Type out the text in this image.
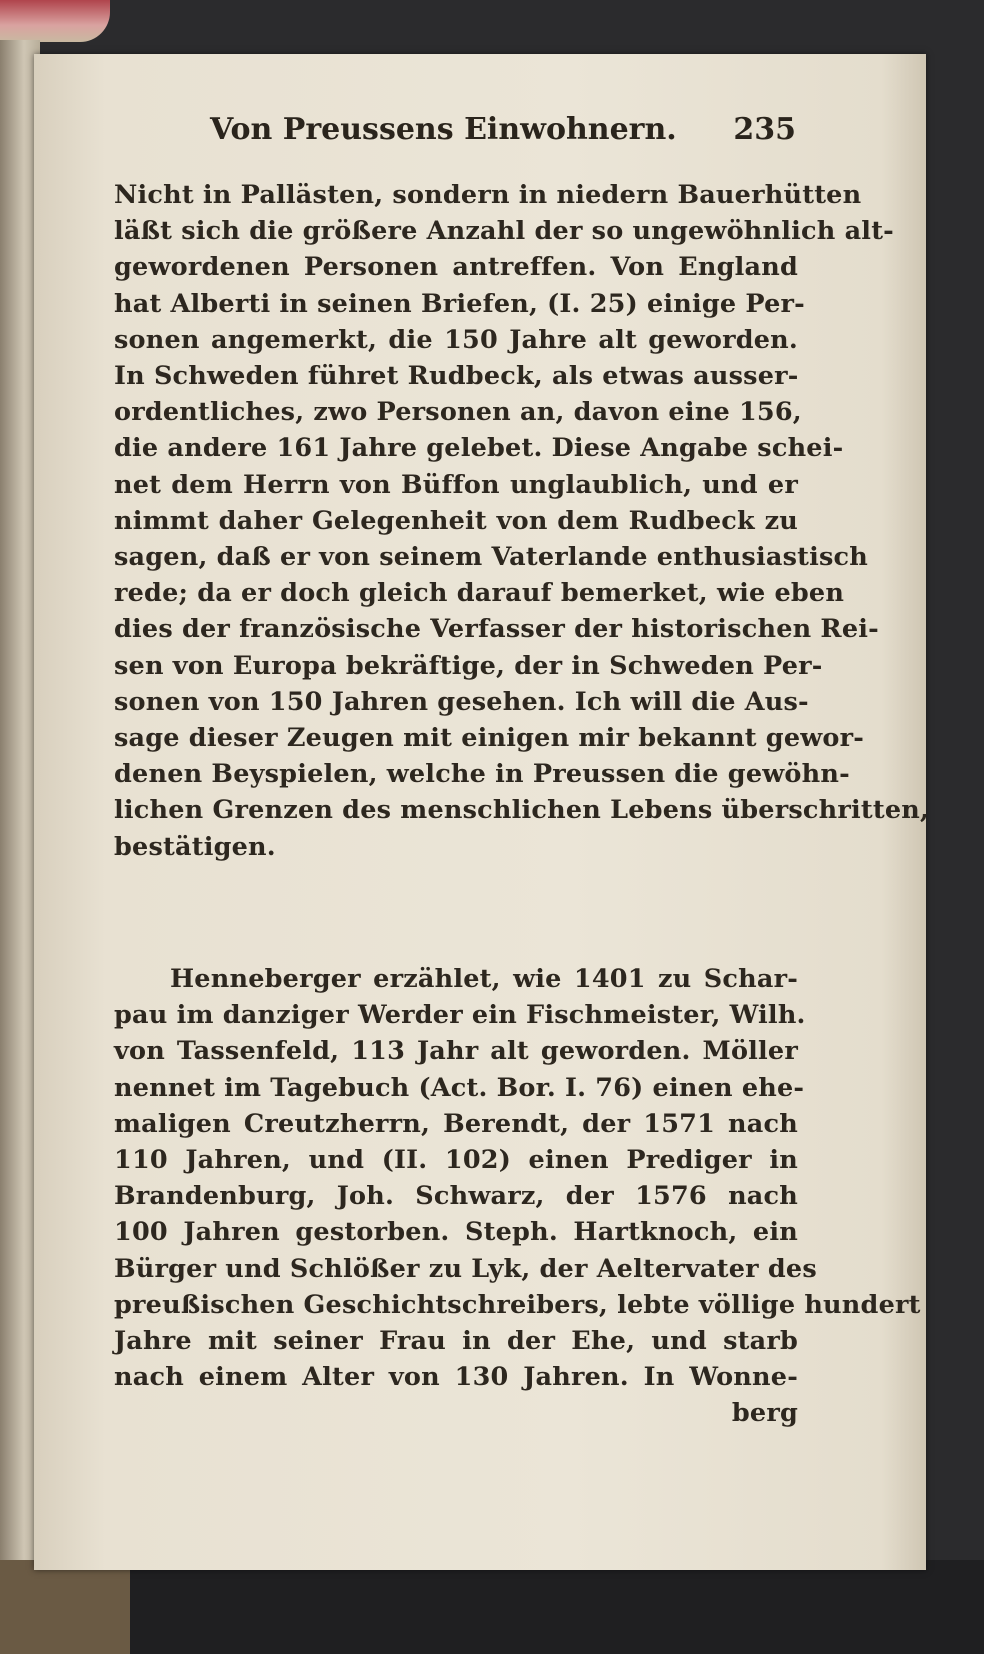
Von Preussens Einwohnern. 235
Nicht in Pallästen, sondern in niedern Bauerhütten
läßt sich die größere Anzahl der so ungewöhnlich alt-
gewordenen Personen antreffen. Von England
hat Alberti in seinen Briefen, (I. 25) einige Per-
sonen angemerkt, die 150 Jahre alt geworden.
In Schweden führet Rudbeck, als etwas ausser-
ordentliches, zwo Personen an, davon eine 156,
die andere 161 Jahre gelebet. Diese Angabe schei-
net dem Herrn von Büffon unglaublich, und er
nimmt daher Gelegenheit von dem Rudbeck zu
sagen, daß er von seinem Vaterlande enthusiastisch
rede; da er doch gleich darauf bemerket, wie eben
dies der französische Verfasser der historischen Rei-
sen von Europa bekräftige, der in Schweden Per-
sonen von 150 Jahren gesehen. Ich will die Aus-
sage dieser Zeugen mit einigen mir bekannt gewor-
denen Beyspielen, welche in Preussen die gewöhn-
lichen Grenzen des menschlichen Lebens überschritten,
bestätigen.
Henneberger erzählet, wie 1401 zu Schar-
pau im danziger Werder ein Fischmeister, Wilh.
von Tassenfeld, 113 Jahr alt geworden. Möller
nennet im Tagebuch (Act. Bor. I. 76) einen ehe-
maligen Creutzherrn, Berendt, der 1571 nach
110 Jahren, und (II. 102) einen Prediger in
Brandenburg, Joh. Schwarz, der 1576 nach
100 Jahren gestorben. Steph. Hartknoch, ein
Bürger und Schlößer zu Lyk, der Aeltervater des
preußischen Geschichtschreibers, lebte völlige hundert
Jahre mit seiner Frau in der Ehe, und starb
nach einem Alter von 130 Jahren. In Wonne-
berg
